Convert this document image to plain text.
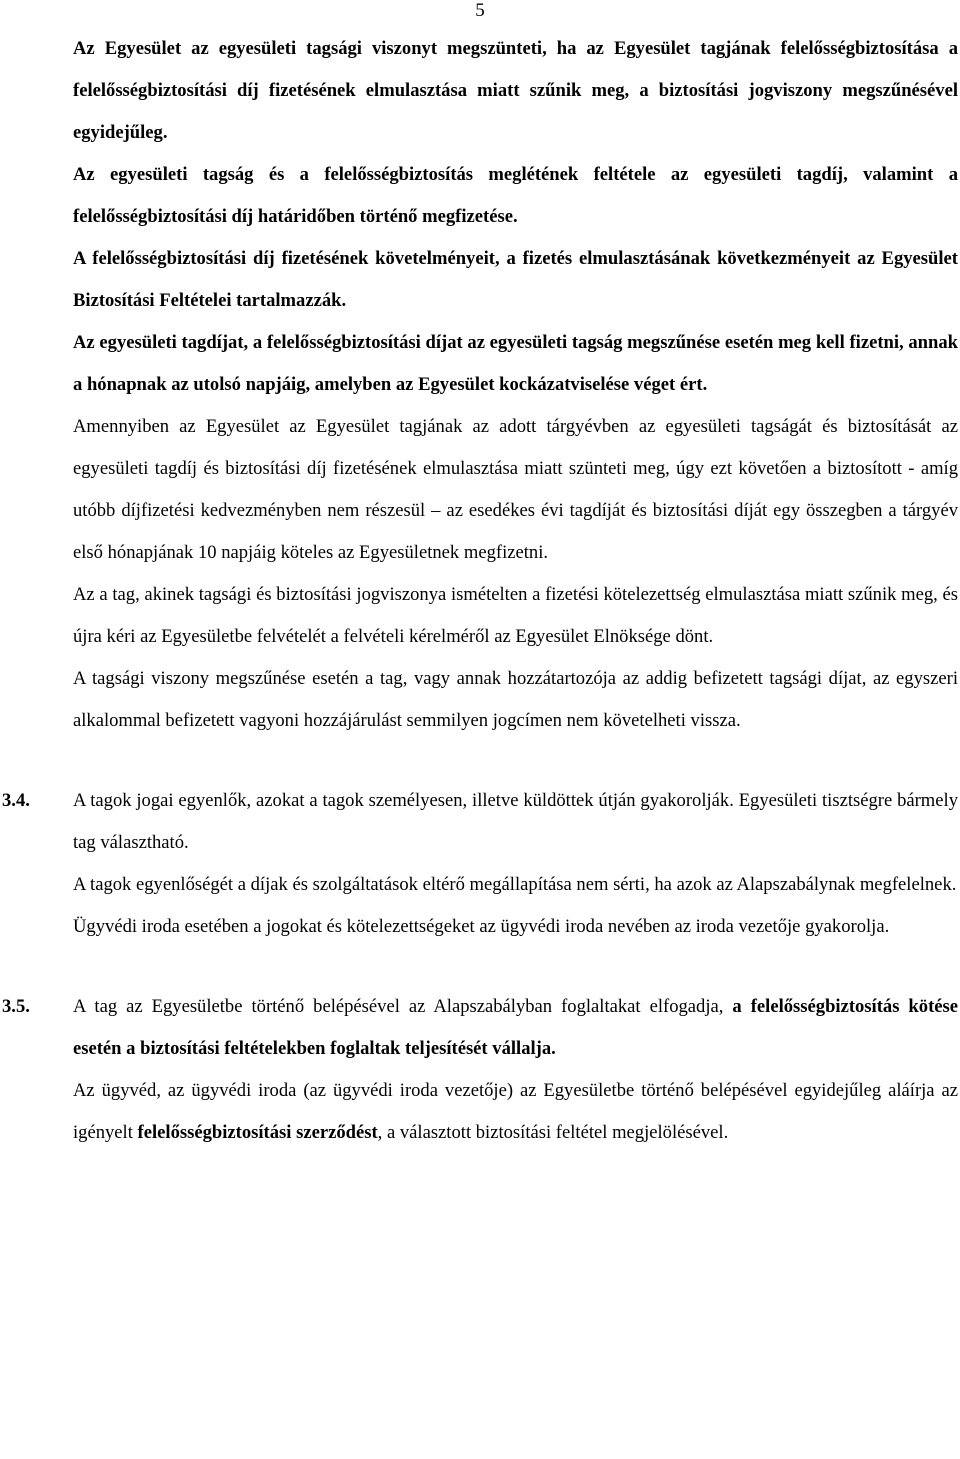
5

Az Egyesület az egyesületi tagsági viszonyt megszünteti, ha az Egyesület tagjának felelősségbiztosítása a felelősségbiztosítási díj fizetésének elmulasztása miatt szűnik meg, a biztosítási jogviszony megszűnésével egyidejűleg.

Az egyesületi tagság és a felelősségbiztosítás meglétének feltétele az egyesületi tagdíj, valamint a felelősségbiztosítási díj határidőben történő megfizetése.

A felelősségbiztosítási díj fizetésének követelményeit, a fizetés elmulasztásának következményeit az Egyesület Biztosítási Feltételei tartalmazzák.

Az egyesületi tagdíjat, a felelősségbiztosítási díjat az egyesületi tagság megszűnése esetén meg kell fizetni, annak a hónapnak az utolsó napjáig, amelyben az Egyesület kockázatviselése véget ért.

Amennyiben az Egyesület az Egyesület tagjának az adott tárgyévben az egyesületi tagságát és biztosítását az egyesületi tagdíj és biztosítási díj fizetésének elmulasztása miatt szünteti meg, úgy ezt követően a biztosított - amíg utóbb díjfizetési kedvezményben nem részesül – az esedékes évi tagdíját és biztosítási díját egy összegben a tárgyév első hónapjának 10 napjáig köteles az Egyesületnek megfizetni.

Az a tag, akinek tagsági és biztosítási jogviszonya ismételten a fizetési kötelezettség elmulasztása miatt szűnik meg, és újra kéri az Egyesületbe felvételét a felvételi kérelméről az Egyesület Elnöksége dönt.

A tagsági viszony megszűnése esetén a tag, vagy annak hozzátartozója az addig befizetett tagsági díjat, az egyszeri alkalommal befizetett vagyoni hozzájárulást semmilyen jogcímen nem követelheti vissza.

3.4. A tagok jogai egyenlők, azokat a tagok személyesen, illetve küldöttek útján gyakorolják. Egyesületi tisztségre bármely tag választható.

A tagok egyenlőségét a díjak és szolgáltatások eltérő megállapítása nem sérti, ha azok az Alapszabálynak megfelelnek.

Ügyvédi iroda esetében a jogokat és kötelezettségeket az ügyvédi iroda nevében az iroda vezetője gyakorolja.

3.5. A tag az Egyesületbe történő belépésével az Alapszabályban foglaltakat elfogadja, a felelősségbiztosítás kötése esetén a biztosítási feltételekben foglaltak teljesítését vállalja.

Az ügyvéd, az ügyvédi iroda (az ügyvédi iroda vezetője) az Egyesületbe történő belépésével egyidejűleg aláírja az igényelt felelősségbiztosítási szerződést, a választott biztosítási feltétel megjelölésével.
